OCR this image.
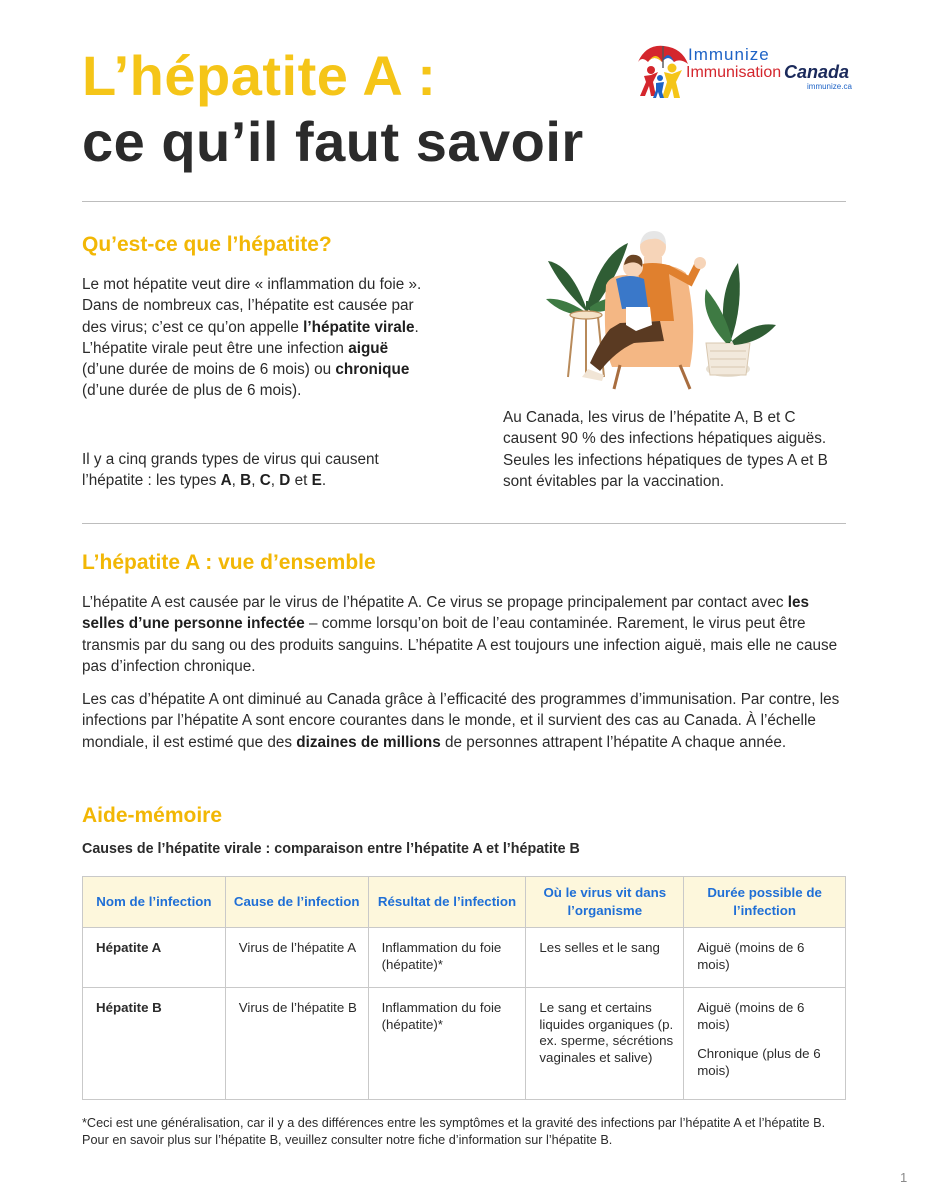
L’hépatite A :
ce qu’il faut savoir
Immunize
Immunisation Canada
immunize.ca
Qu’est-ce que l’hépatite?

Le mot hépatite veut dire « inflammation du foie ». Dans de nombreux cas, l’hépatite est causée par des virus; c’est ce qu’on appelle l’hépatite virale. L’hépatite virale peut être une infection aiguë (d’une durée de moins de 6 mois) ou chronique (d’une durée de plus de 6 mois).

Il y a cinq grands types de virus qui causent l’hépatite : les types A, B, C, D et E.

Au Canada, les virus de l’hépatite A, B et C causent 90 % des infections hépatiques aiguës. Seules les infections hépatiques de types A et B sont évitables par la vaccination.

L’hépatite A : vue d’ensemble

L’hépatite A est causée par le virus de l’hépatite A. Ce virus se propage principalement par contact avec les selles d’une personne infectée – comme lorsqu’on boit de l’eau contaminée. Rarement, le virus peut être transmis par du sang ou des produits sanguins. L’hépatite A est toujours une infection aiguë, mais elle ne cause pas d’infection chronique.

Les cas d’hépatite A ont diminué au Canada grâce à l’efficacité des programmes d’immunisation. Par contre, les infections par l’hépatite A sont encore courantes dans le monde, et il survient des cas au Canada. À l’échelle mondiale, il est estimé que des dizaines de millions de personnes attrapent l’hépatite A chaque année.

Aide-mémoire
Causes de l’hépatite virale : comparaison entre l’hépatite A et l’hépatite B
Nom de l’infection	Cause de l’infection	Résultat de l’infection	Où le virus vit dans l’organisme	Durée possible de l’infection
Hépatite A	Virus de l’hépatite A	Inflammation du foie (hépatite)*	Les selles et le sang	Aiguë (moins de 6 mois)
Hépatite B	Virus de l’hépatite B	Inflammation du foie (hépatite)*	Le sang et certains liquides organiques (p. ex. sperme, sécrétions vaginales et salive)	Aiguë (moins de 6 mois)
Chronique (plus de 6 mois)

*Ceci est une généralisation, car il y a des différences entre les symptômes et la gravité des infections par l’hépatite A et l’hépatite B. Pour en savoir plus sur l’hépatite B, veuillez consulter notre fiche d’information sur l’hépatite B.

1
